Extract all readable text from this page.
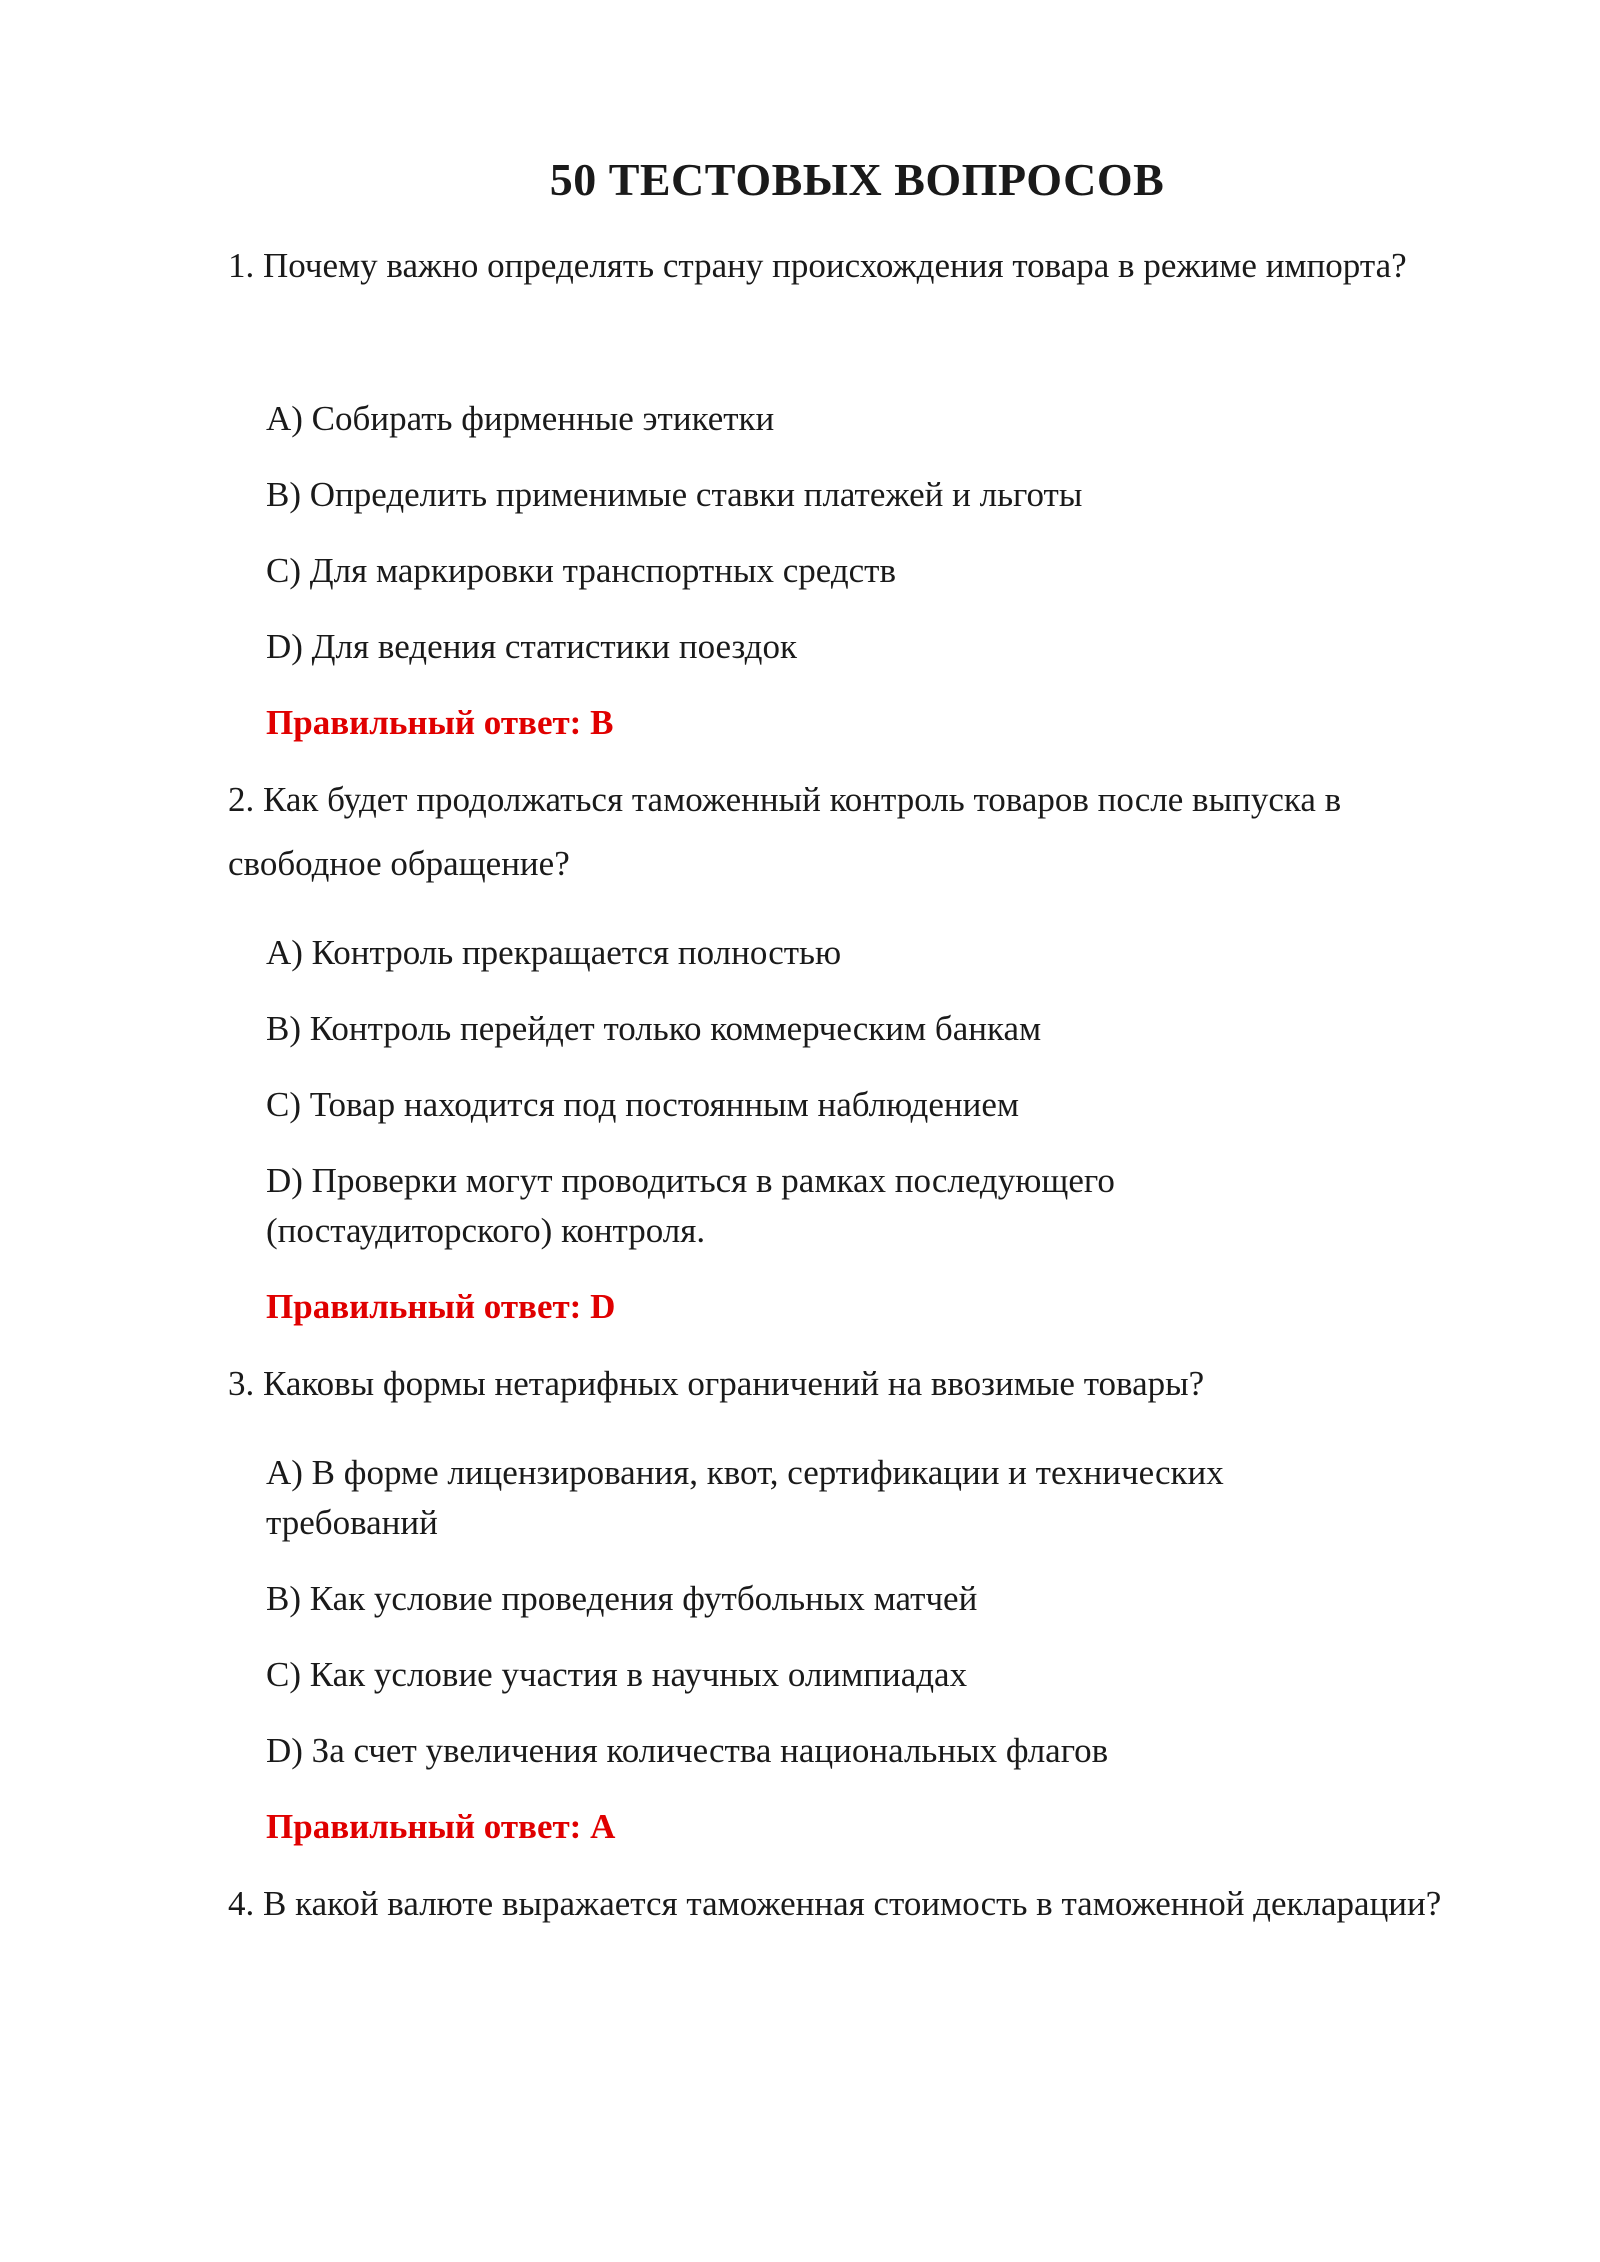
50 ТЕСТОВЫХ ВОПРОСОВ

1. Почему важно определять страну происхождения товара в режиме импорта?

A) Собирать фирменные этикетки

B) Определить применимые ставки платежей и льготы

C) Для маркировки транспортных средств

D) Для ведения статистики поездок

Правильный ответ: B

2. Как будет продолжаться таможенный контроль товаров после выпуска в свободное обращение?

A) Контроль прекращается полностью

B) Контроль перейдет только коммерческим банкам

C) Товар находится под постоянным наблюдением

D) Проверки могут проводиться в рамках последующего (постаудиторского) контроля.

Правильный ответ: D

3. Каковы формы нетарифных ограничений на ввозимые товары?

A) В форме лицензирования, квот, сертификации и технических требований

B) Как условие проведения футбольных матчей

C) Как условие участия в научных олимпиадах

D) За счет увеличения количества национальных флагов

Правильный ответ: A

4. В какой валюте выражается таможенная стоимость в таможенной декларации?
